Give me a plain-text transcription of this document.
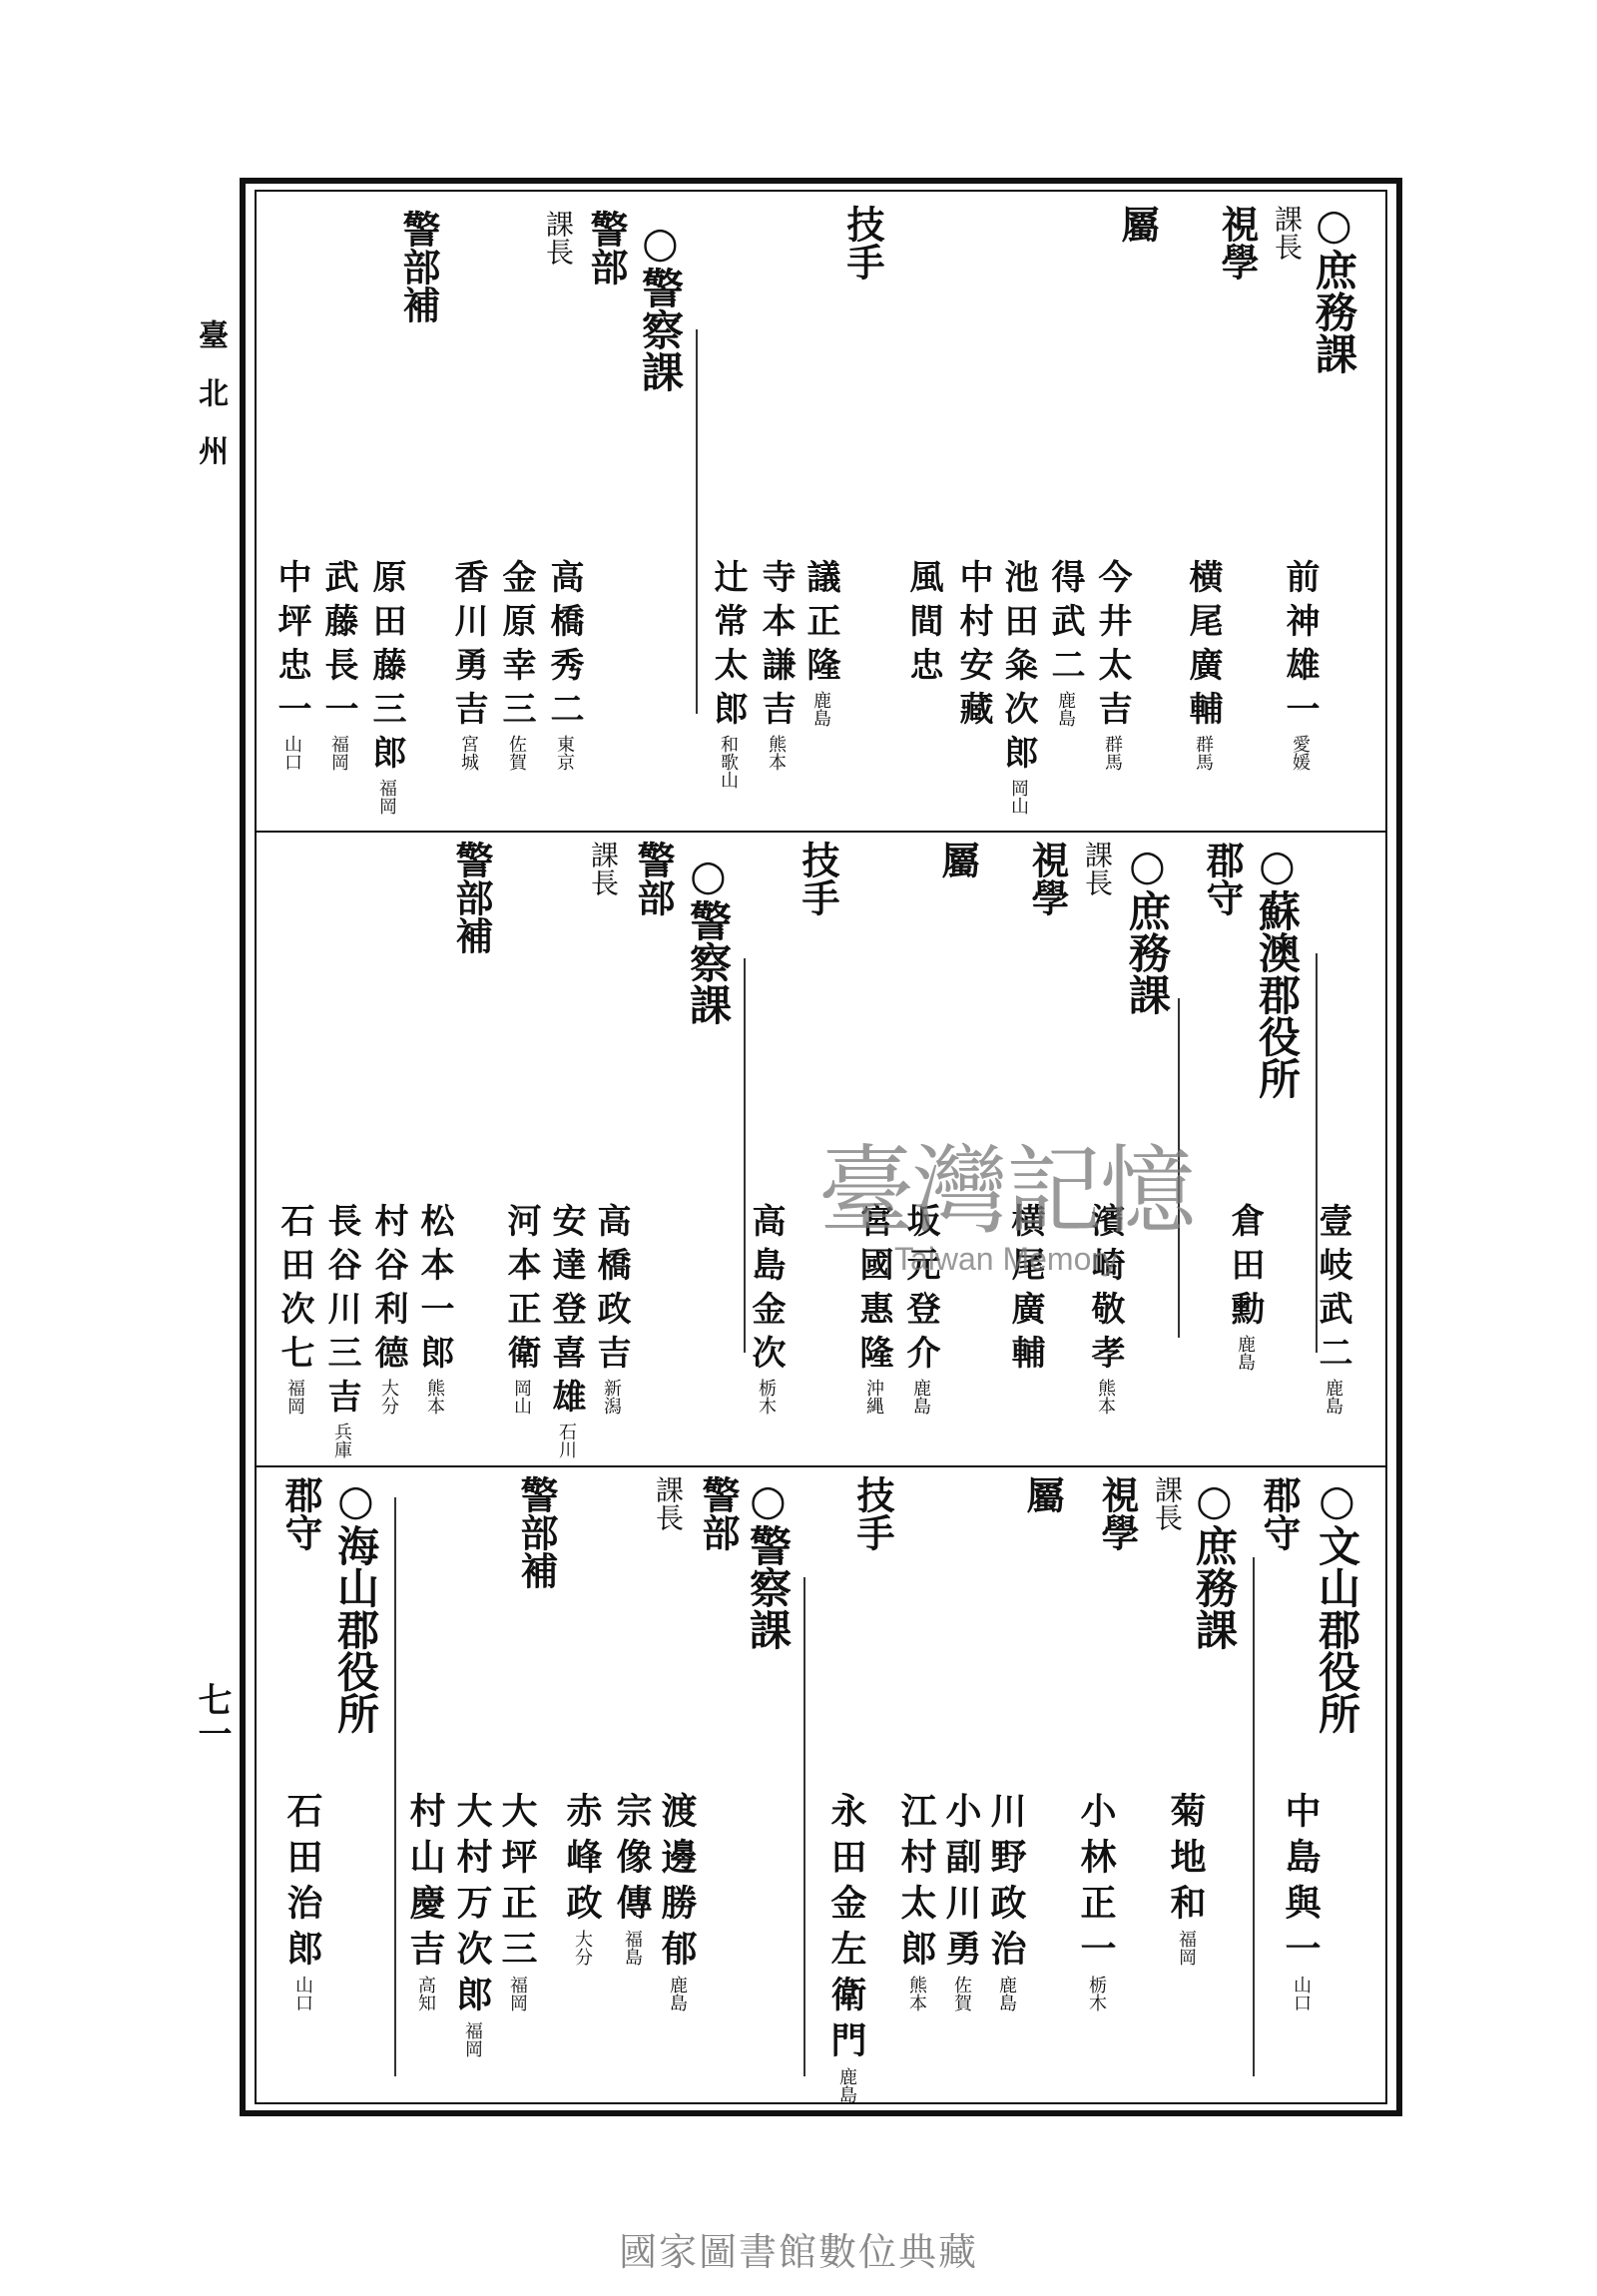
臺北州
七一
○庶務課
課長
視學
屬
技手
○警察課
警部
課長
警部補
前神雄一愛媛
横尾廣輔群馬
今井太吉群馬
得武二鹿島
池田粂次郎岡山
中村安藏
風間忠
議正隆鹿島
寺本謙吉熊本
辻常太郎和歌山
高橋秀二東京
金原幸三佐賀
香川勇吉宮城
原田藤三郎福岡
武藤長一福岡
中坪忠一山口
○蘇澳郡役所
郡守
○庶務課
課長
視學
屬
技手
○警察課
警部
課長
警部補
壹岐武二鹿島
倉田勳鹿島
濱崎敬孝熊本
横尾廣輔
坂元登介鹿島
宮國惠隆沖縄
高島金次栃木
高橋政吉新潟
安達登喜雄石川
河本正衛岡山
松本一郎熊本
村谷利德大分
長谷川三吉兵庫
石田次七福岡
○文山郡役所
郡守
○庶務課
課長
視學
屬
技手
○警察課
警部
課長
警部補
○海山郡役所
郡守
中島與一山口
菊地和福岡
小林正一栃木
川野政治鹿島
小副川勇佐賀
江村太郎熊本
永田金左衛門鹿島
渡邊勝郁鹿島
宗像傳福島
赤峰政大分
大坪正三福岡
大村万次郎福岡
村山慶吉高知
石田治郎山口
臺灣記憶
Taiwan Memory
國家圖書館數位典藏
